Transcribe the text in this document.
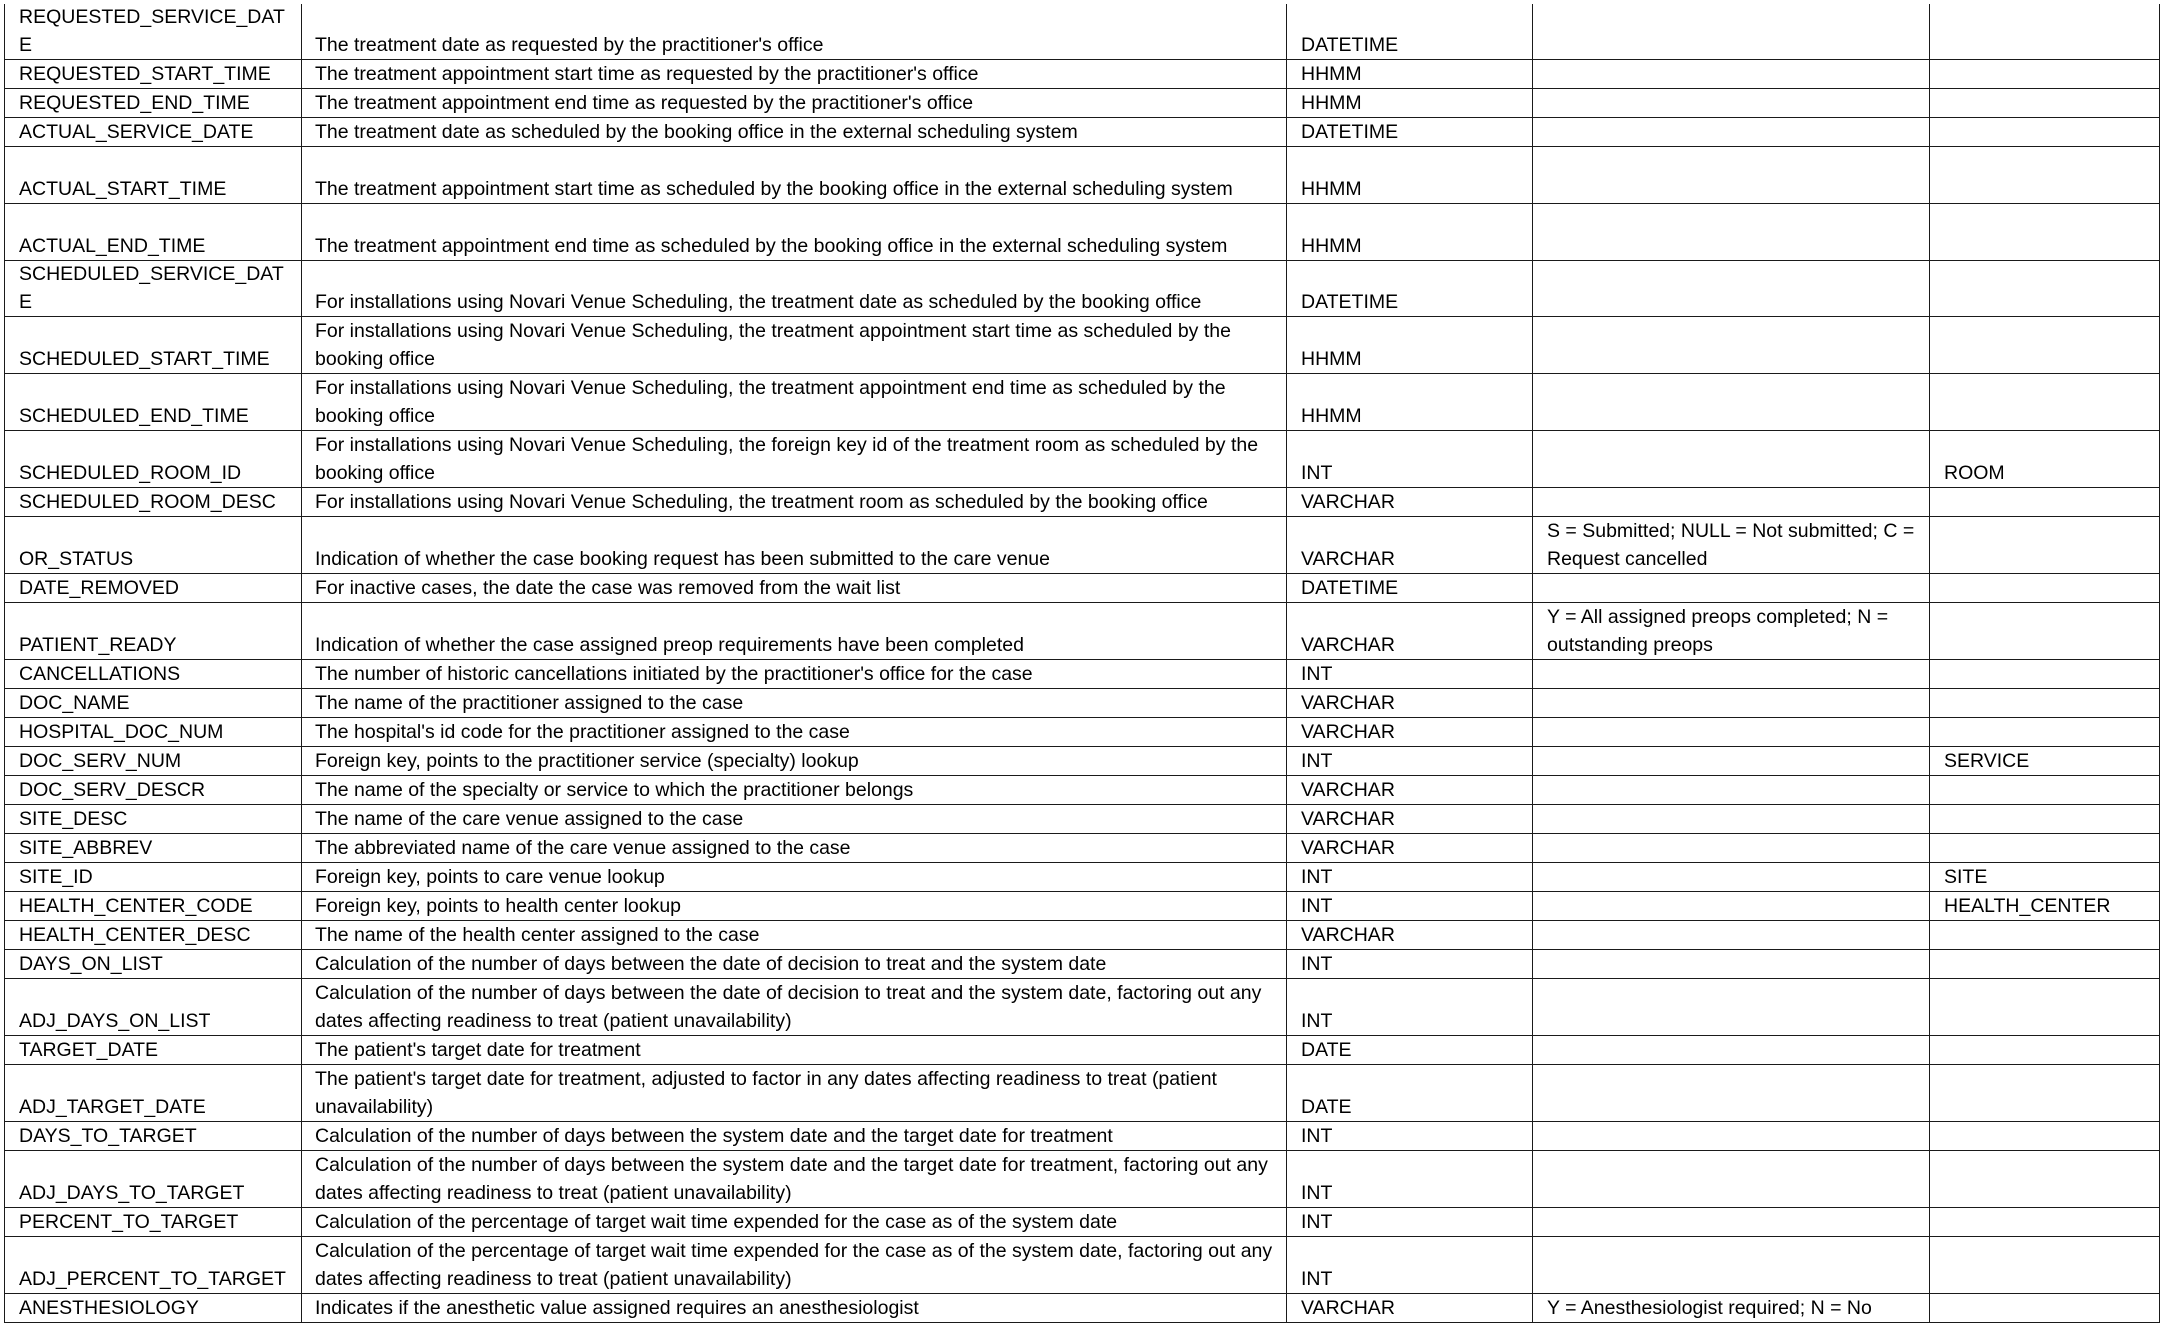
REQUESTED_SERVICE_DATE	The treatment date as requested by the practitioner's office	DATETIME		
REQUESTED_START_TIME	The treatment appointment start time as requested by the practitioner's office	HHMM		
REQUESTED_END_TIME	The treatment appointment end time as requested by the practitioner's office	HHMM		
ACTUAL_SERVICE_DATE	The treatment date as scheduled by the booking office in the external scheduling system	DATETIME		
ACTUAL_START_TIME	The treatment appointment start time as scheduled by the booking office in the external scheduling system	HHMM		
ACTUAL_END_TIME	The treatment appointment end time as scheduled by the booking office in the external scheduling system	HHMM		
SCHEDULED_SERVICE_DATE	For installations using Novari Venue Scheduling, the treatment date as scheduled by the booking office	DATETIME		
SCHEDULED_START_TIME	For installations using Novari Venue Scheduling, the treatment appointment start time as scheduled by the booking office	HHMM		
SCHEDULED_END_TIME	For installations using Novari Venue Scheduling, the treatment appointment end time as scheduled by the booking office	HHMM		
SCHEDULED_ROOM_ID	For installations using Novari Venue Scheduling, the foreign key id of the treatment room as scheduled by the booking office	INT		ROOM
SCHEDULED_ROOM_DESC	For installations using Novari Venue Scheduling, the treatment room as scheduled by the booking office	VARCHAR		
OR_STATUS	Indication of whether the case booking request has been submitted to the care venue	VARCHAR	S = Submitted; NULL = Not submitted; C = Request cancelled	
DATE_REMOVED	For inactive cases, the date the case was removed from the wait list	DATETIME		
PATIENT_READY	Indication of whether the case assigned preop requirements have been completed	VARCHAR	Y = All assigned preops completed; N = outstanding preops	
CANCELLATIONS	The number of historic cancellations initiated by the practitioner's office for the case	INT		
DOC_NAME	The name of the practitioner assigned to the case	VARCHAR		
HOSPITAL_DOC_NUM	The hospital's id code for the practitioner assigned to the case	VARCHAR		
DOC_SERV_NUM	Foreign key, points to the practitioner service (specialty) lookup	INT		SERVICE
DOC_SERV_DESCR	The name of the specialty or service to which the practitioner belongs	VARCHAR		
SITE_DESC	The name of the care venue assigned to the case	VARCHAR		
SITE_ABBREV	The abbreviated name of the care venue assigned to the case	VARCHAR		
SITE_ID	Foreign key, points to care venue lookup	INT		SITE
HEALTH_CENTER_CODE	Foreign key, points to health center lookup	INT		HEALTH_CENTER
HEALTH_CENTER_DESC	The name of the health center assigned to the case	VARCHAR		
DAYS_ON_LIST	Calculation of the number of days between the date of decision to treat and the system date	INT		
ADJ_DAYS_ON_LIST	Calculation of the number of days between the date of decision to treat and the system date, factoring out any dates affecting readiness to treat (patient unavailability)	INT		
TARGET_DATE	The patient's target date for treatment	DATE		
ADJ_TARGET_DATE	The patient's target date for treatment, adjusted to factor in any dates affecting readiness to treat (patient unavailability)	DATE		
DAYS_TO_TARGET	Calculation of the number of days between the system date and the target date for treatment	INT		
ADJ_DAYS_TO_TARGET	Calculation of the number of days between the system date and the target date for treatment, factoring out any dates affecting readiness to treat (patient unavailability)	INT		
PERCENT_TO_TARGET	Calculation of the percentage of target wait time expended for the case as of the system date	INT		
ADJ_PERCENT_TO_TARGET	Calculation of the percentage of target wait time expended for the case as of the system date, factoring out any dates affecting readiness to treat (patient unavailability)	INT		
ANESTHESIOLOGY	Indicates if the anesthetic value assigned requires an anesthesiologist	VARCHAR	Y = Anesthesiologist required; N = No	
